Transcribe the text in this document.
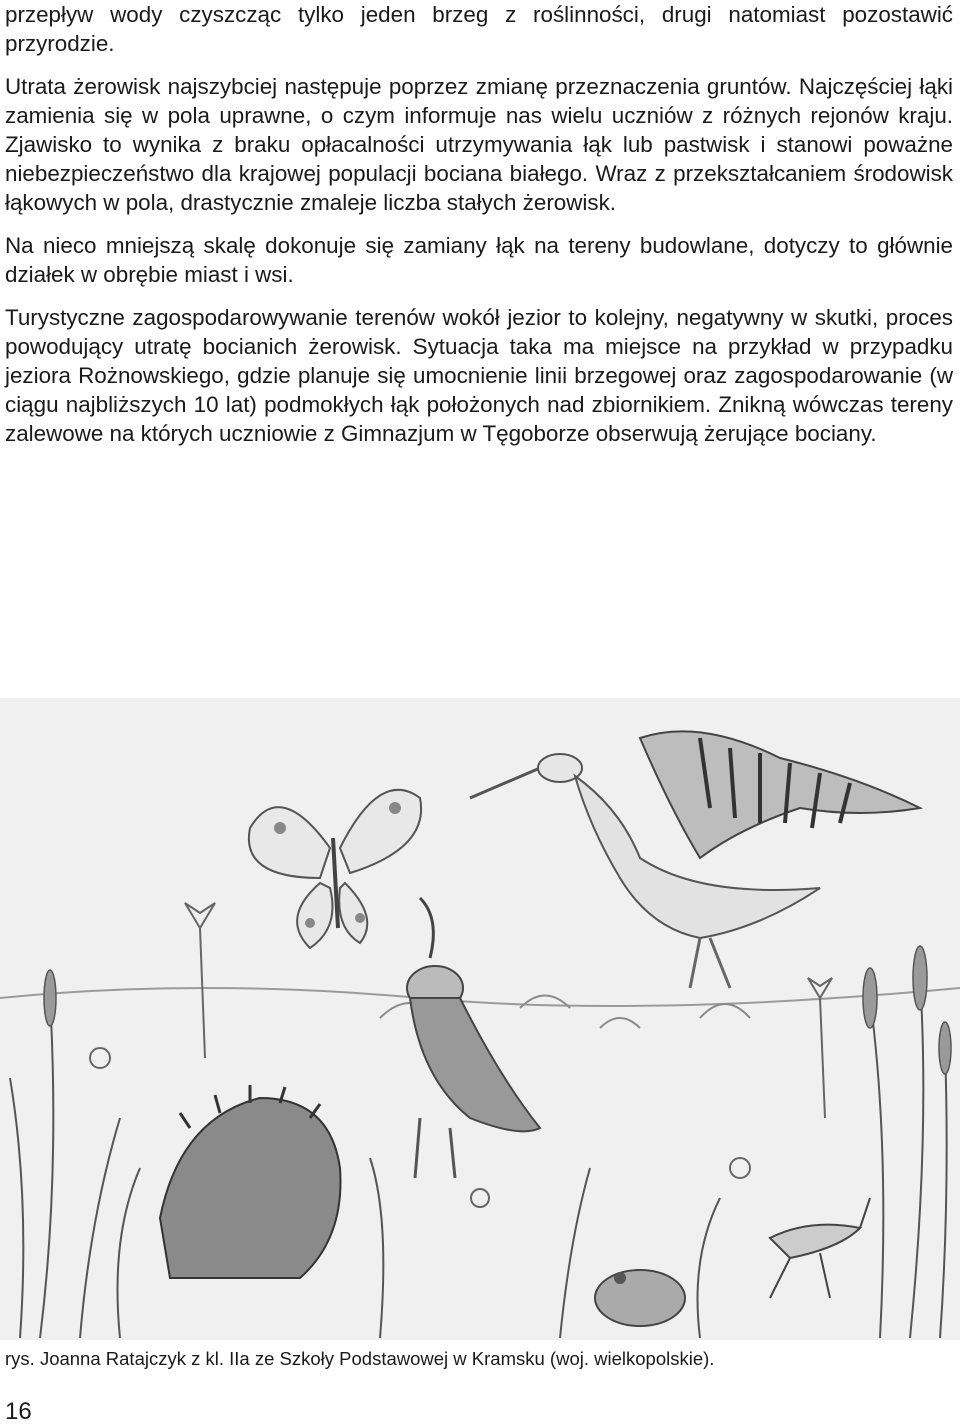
przepływ wody czyszcząc tylko jeden brzeg z roślinności, drugi natomiast pozostawić przyrodzie.

Utrata żerowisk najszybciej następuje poprzez zmianę przeznaczenia gruntów. Najczęściej łąki zamienia się w pola uprawne, o czym informuje nas wielu uczniów z różnych rejonów kraju. Zjawisko to wynika z braku opłacalności utrzymywania łąk lub pastwisk i stanowi poważne niebezpieczeństwo dla krajowej populacji bociana białego. Wraz z przekształcaniem środowisk łąkowych w pola, drastycznie zmaleje liczba stałych żerowisk.

Na nieco mniejszą skalę dokonuje się zamiany łąk na tereny budowlane, dotyczy to głównie działek w obrębie miast i wsi.

Turystyczne zagospodarowywanie terenów wokół jezior to kolejny, negatywny w skutki, proces powodujący utratę bocianich żerowisk. Sytuacja taka ma miejsce na przykład w przypadku jeziora Rożnowskiego, gdzie planuje się umocnienie linii brzegowej oraz zagospodarowanie (w ciągu najbliższych 10 lat) podmokłych łąk położonych nad zbiornikiem. Znikną wówczas tereny zalewowe na których uczniowie z Gimnazjum w Tęgoborze obserwują żerujące bociany.

rys. Joanna Ratajczyk z kl. IIa ze Szkoły Podstawowej w Kramsku (woj. wielkopolskie).
16
